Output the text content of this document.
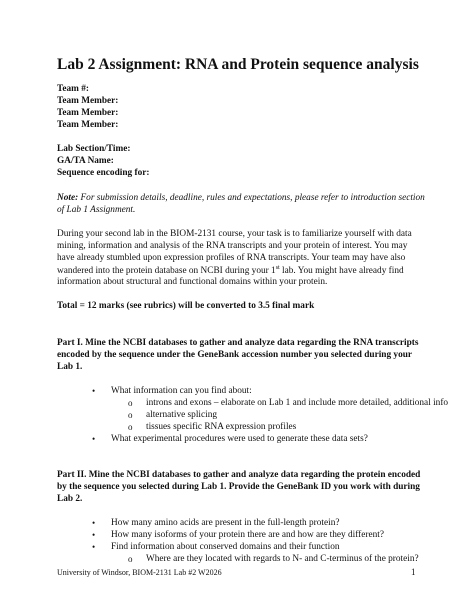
Lab 2 Assignment: RNA and Protein sequence analysis
Team #:
Team Member:
Team Member:
Team Member:
Lab Section/Time:
GA/TA Name:
Sequence encoding for:
Note: For submission details, deadline, rules and expectations, please refer to introduction section
of Lab 1 Assignment.
During your second lab in the BIOM-2131 course, your task is to familiarize yourself with data
mining, information and analysis of the RNA transcripts and your protein of interest. You may
have already stumbled upon expression profiles of RNA transcripts. Your team may have also
wandered into the protein database on NCBI during your 1st lab. You might have already find
information about structural and functional domains within your protein.
Total = 12 marks (see rubrics) will be converted to 3.5 final mark
Part I. Mine the NCBI databases to gather and analyze data regarding the RNA transcripts
encoded by the sequence under the GeneBank accession number you selected during your
Lab 1.
• What information can you find about:
o introns and exons – elaborate on Lab 1 and include more detailed, additional info
o alternative splicing
o tissues specific RNA expression profiles
• What experimental procedures were used to generate these data sets?
Part II. Mine the NCBI databases to gather and analyze data regarding the protein encoded
by the sequence you selected during Lab 1. Provide the GeneBank ID you work with during
Lab 2.
• How many amino acids are present in the full-length protein?
• How many isoforms of your protein there are and how are they different?
• Find information about conserved domains and their function
o Where are they located with regards to N- and C-terminus of the protein?
University of Windsor, BIOM-2131 Lab #2 W2026	1
